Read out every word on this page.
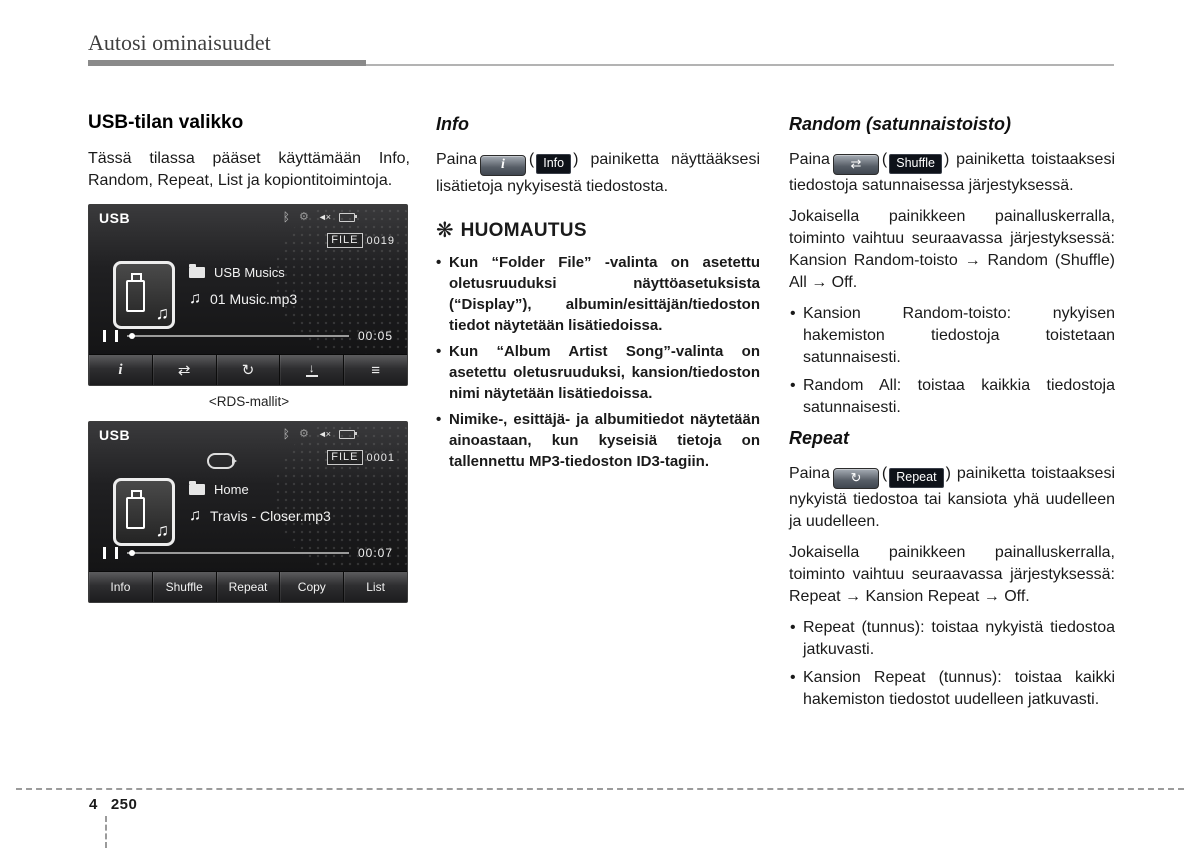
Autosi ominaisuudet
USB-tilan valikko

Tässä tilassa pääset käyttämään Info, Random, Repeat, List ja kopiontitoimintoja.

USB	ᛒ ⚙ ◄×
FILE 0019
♫
USB Musics
♫ 01 Music.mp3
00:05
i	⇄	↻	↓	≡
<RDS-mallit>
USB	ᛒ ⚙ ◄×
FILE 0001
♫
Home
♫ Travis - Closer.mp3
00:07
Info	Shuffle Repeat	Copy	List
Info

Paina i ( Info ) painiketta näyttääksesi lisätietoja nykyisestä tiedostosta.

❋ HUOMAUTUS
• Kun “Folder File” -valinta on asetettu oletusruuduksi näyttöasetuksista (“Display”), albumin/esittäjän/tiedoston tiedot näytetään lisätiedoissa.
• Kun “Album Artist Song”-valinta on asetettu oletusruuduksi, kansion/tiedoston nimi näytetään lisätiedoissa.
• Nimike-, esittäjä- ja albumitiedot näytetään ainoastaan, kun kyseisiä tietoja on tallennettu MP3-tiedoston ID3-tagiin.
Random (satunnaistoisto)

Paina ⇄ ( Shuffle ) painiketta toistaaksesi tiedostoja satunnaisessa järjestyksessä.

Jokaisella painikkeen painalluskerralla, toiminto vaihtuu seuraavassa järjestyksessä: Kansion Random-toisto → Random (Shuffle) All → Off.

• Kansion Random-toisto: nykyisen hakemiston tiedostoja toistetaan satunnaisesti.
• Random All: toistaa kaikkia tiedostoja satunnaisesti.
Repeat

Paina ↻ ( Repeat ) painiketta toistaaksesi nykyistä tiedostoa tai kansiota yhä uudelleen ja uudelleen.

Jokaisella painikkeen painalluskerralla, toiminto vaihtuu seuraavassa järjestyksessä: Repeat → Kansion Repeat → Off.

• Repeat (tunnus): toistaa nykyistä tiedostoa jatkuvasti.
• Kansion Repeat (tunnus): toistaa kaikki hakemiston tiedostot uudelleen jatkuvasti.
4 250
